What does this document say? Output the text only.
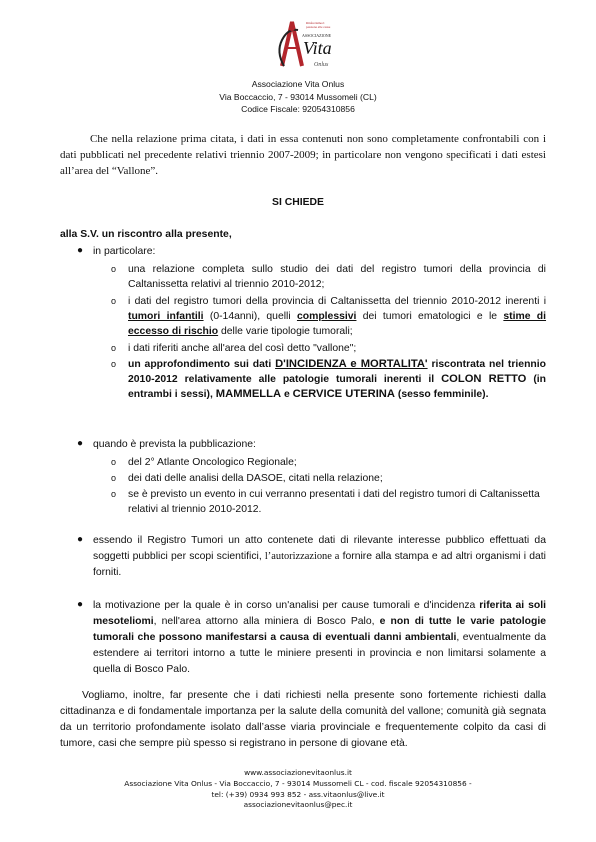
Rinforziamoci
passione alle cause
ASSOCIAZIONE
Vita
Onlus
Associazione Vita Onlus
Via Boccaccio, 7 - 93014 Mussomeli (CL)
Codice Fiscale: 92054310856
Che nella relazione prima citata, i dati in essa contenuti non sono completamente confrontabili con i dati pubblicati nel precedente relativi triennio 2007-2009; in particolare non vengono specificati i dati estesi all’area del “Vallone”.
SI CHIEDE
alla S.V. un riscontro alla presente,
● in particolare:
o una relazione completa sullo studio dei dati del registro tumori della provincia di Caltanissetta relativi al triennio 2010-2012;
o i dati del registro tumori della provincia di Caltanissetta del triennio 2010-2012 inerenti i tumori infantili (0-14anni), quelli complessivi dei tumori ematologici e le stime di eccesso di rischio delle varie tipologie tumorali;
o i dati riferiti anche all'area del così detto "vallone";
o un approfondimento sui dati D'INCIDENZA e MORTALITA' riscontrata nel triennio 2010-2012 relativamente alle patologie tumorali inerenti il COLON RETTO (in entrambi i sessi), MAMMELLA e CERVICE UTERINA (sesso femminile).
● quando è prevista la pubblicazione:
o del 2° Atlante Oncologico Regionale;
o dei dati delle analisi della DASOE, citati nella relazione;
o se è previsto un evento in cui verranno presentati i dati del registro tumori di Caltanissetta relativi al triennio 2010-2012.
● essendo il Registro Tumori un atto contenete dati di rilevante interesse pubblico effettuati da soggetti pubblici per scopi scientifici, l’autorizzazione a fornire alla stampa e ad altri organismi i dati forniti.
● la motivazione per la quale è in corso un'analisi per cause tumorali e d'incidenza riferita ai soli mesoteliomi, nell'area attorno alla miniera di Bosco Palo, e non di tutte le varie patologie tumorali che possono manifestarsi a causa di eventuali danni ambientali, eventualmente da estendere ai territori intorno a tutte le miniere presenti in provincia e non limitarsi solamente a quella di Bosco Palo.
Vogliamo, inoltre, far presente che i dati richiesti nella presente sono fortemente richiesti dalla cittadinanza e di fondamentale importanza per la salute della comunità del vallone; comunità già segnata da un territorio profondamente isolato dall’asse viaria provinciale e frequentemente colpito da casi di tumore, casi che sempre più spesso si registrano in persone di giovane età.
www.associazionevitaonlus.it
Associazione Vita Onlus - Via Boccaccio, 7 - 93014 Mussomeli CL - cod. fiscale 92054310856 -
tel: (+39) 0934 993 852 - ass.vitaonlus@live.it
associazionevitaonlus@pec.it
